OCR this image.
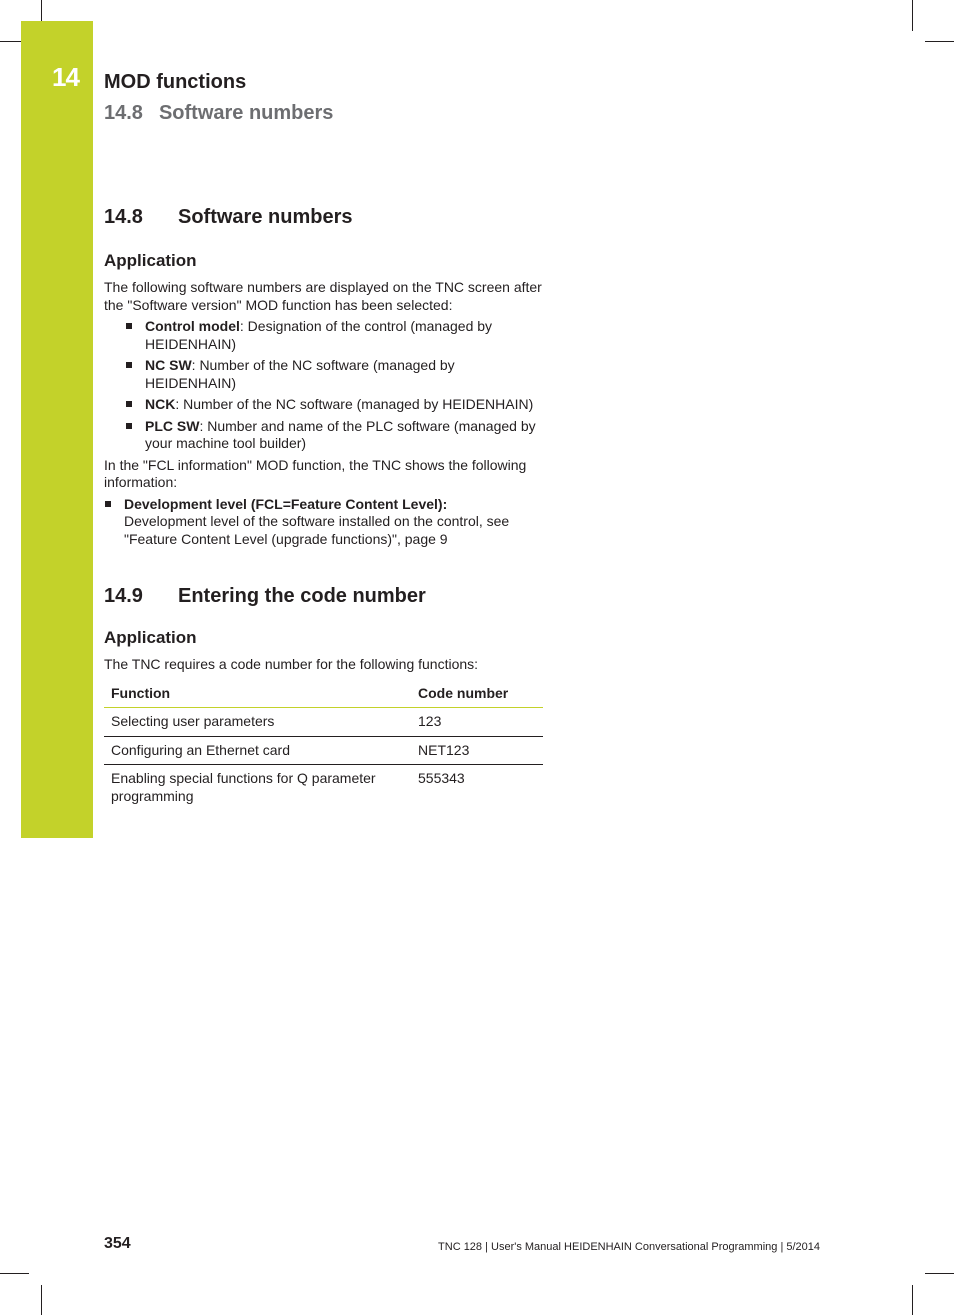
14 MOD functions
14.8 Software numbers
14.8	Software numbers
Application

The following software numbers are displayed on the TNC screen after the "Software version" MOD function has been selected:

Control model: Designation of the control (managed by HEIDENHAIN)
NC SW: Number of the NC software (managed by HEIDENHAIN)
NCK: Number of the NC software (managed by HEIDENHAIN)
PLC SW: Number and name of the PLC software (managed by your machine tool builder)

In the "FCL information" MOD function, the TNC shows the following information:

Development level (FCL=Feature Content Level):
Development level of the software installed on the control, see "Feature Content Level (upgrade functions)", page 9
14.9	Entering the code number
Application

The TNC requires a code number for the following functions:

Function	Code number
Selecting user parameters	123
Configuring an Ethernet card	NET123
Enabling special functions for Q parameter programming	555343
354	TNC 128 | User's Manual HEIDENHAIN Conversational Programming | 5/2014
